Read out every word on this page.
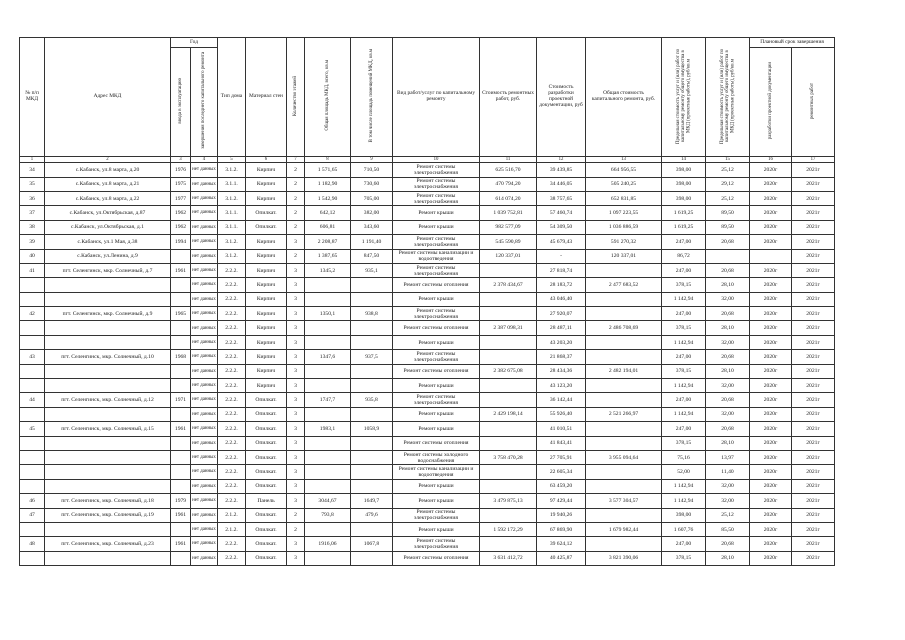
№ п/п МКД	Адрес МКД	Год		Тип дома	Материал стен	Количество этажей	Общая площадь МКД, всего, кв.м	В том числе площадь помещений МКД, кв.м	Вид работ/услуг по капитальному ремонту	Стоимость ремонтных работ, руб.	Стоимость разработки проектной документации, руб	Общая стоимость капитального ремонта, руб.	Предельная стоимость услуг и (или) работ по капитальному ремонту общего имущества в МКД (проектные работы), руб/кв.м	Предельная стоимость услуг и (или) работ по капитальному ремонту общего имущества в МКД (проектные работы), руб/кв.м	Плановый срок завершения	
		ввода в эксплуатацию	завершения последнего капитального ремонта												разработки проектной документации	ремонтных работ
1	2	3	4	5	6	7	8	9	10	11	12	13	14	15	16	17
34	с.Кабанск, ул.8 марта, д.20	1976	нет данных	3.1.2.	Кирпич	2	1 571,65	710,50	Ремонт системы электроснабжения	625 516,70	39 439,85	664 956,55	398,00	25,12	2020г	2021г
35	с.Кабанск, ул.8 марта, д.21	1975	нет данных	3.1.1.	Кирпич	2	1 182,90	730,60	Ремонт системы электроснабжения	470 794,20	34 446,05	505 240,25	398,00	29,12	2020г	2021г
36	с.Кабанск, ул.8 марта, д.22	1977	нет данных	3.1.2.	Кирпич	2	1 542,90	705,00	Ремонт системы электроснабжения	614 074,20	38 757,65	652 831,85	398,00	25,12	2020г	2021г
37	с.Кабанск, ул.Октябрьская, д.87	1962	нет данных	3.1.1.	Опилкат.	2	642,12	382,00	Ремонт крыши	1 039 752,81	57 460,74	1 097 223,55	1 619,25	89,50	2020г	2021г
38	с.Кабанск, ул.Октябрьская, д.1	1962	нет данных	3.1.1.	Опилкат.	2	606,81	343,60	Ремонт крыши	982 577,09	54 309,50	1 036 886,59	1 619,25	89,50	2020г	2021г
39	с.Кабанск, ул.1 Мая, д.38	1994	нет данных	3.1.2.	Кирпич	3	2 208,87	1 191,40	Ремонт системы электроснабжения	545 590,89	45 679,43	591 270,32	247,00	20,68	2020г	2021г
40	с.Кабанск, ул.Ленина, д.9		нет данных	3.1.2.	Кирпич	2	1 387,65	847,50	Ремонт системы канализации и водоотведения	120 337,01	-	120 337,01	86,72			2021г
41	пгт. Селенгинск, мкр. Солнечный, д.7	1961	нет данных	2.2.2.	Кирпич	3	1345,2	935,1	Ремонт системы электроснабжения		27 818,74		247,00	20,68	2020г	2021г
			нет данных	2.2.2.	Кирпич	3			Ремонт системы отопления	2 378 434,67	28 183,72	2 477 683,52	378,15	28,10	2020г	2021г
			нет данных	2.2.2.	Кирпич	3			Ремонт крыши		43 046,40		1 142,94	32,00	2020г	2021г
42	пгт. Селенгинск, мкр. Солнечный, д.9	1965	нет данных	2.2.2.	Кирпич	3	1350,1	938,8	Ремонт системы электроснабжения		27 920,07		247,00	20,68	2020г	2021г
			нет данных	2.2.2.	Кирпич	3			Ремонт системы отопления	2 387 098,31	28 487,11	2 486 708,69	378,15	28,10	2020г	2021г
			нет данных	2.2.2.	Кирпич	3			Ремонт крыши		43 203,20		1 142,94	32,00	2020г	2021г
43	пгт. Селенгинск, мкр. Солнечный, д.10	1968	нет данных	2.2.2.	Кирпич	3	1347,6	937,5	Ремонт системы электроснабжения		21 868,37		247,00	20,68	2020г	2021г
			нет данных	2.2.2.	Кирпич	3			Ремонт системы отопления	2 382 675,08	28 434,36	2 482 194,01	378,15	28,10	2020г	2021г
			нет данных	2.2.2.	Кирпич	3			Ремонт крыши		43 123,20		1 142,94	32,00	2020г	2021г
44	пгт. Селенгинск, мкр. Солнечный, д.12	1971	нет данных	2.2.2.	Опилкат.	3	1747,7	935,8	Ремонт системы электроснабжения		36 142,44		247,00	20,68	2020г	2021г
			нет данных	2.2.2.	Опилкат.	3			Ремонт крыши	2 429 198,14	55 926,40	2 521 266,97	1 142,94	32,00	2020г	2021г
45	пгт. Селенгинск, мкр. Солнечный, д.15	1961	нет данных	2.2.2.	Опилкат.	3	1983,1	1058,9	Ремонт крыши		41 010,51		247,00	20,68	2020г	2021г
			нет данных	2.2.2.	Опилкат.	3			Ремонт системы отопления		41 843,41		378,15	28,10	2020г	2021г
			нет данных	2.2.2.	Опилкат.	3			Ремонт системы холодного водоснабжения	3 758 470,28	27 705,91	3 955 094,64	75,16	13,97	2020г	2021г
			нет данных	2.2.2.	Опилкат.	3			Ремонт системы канализации и водоотведения		22 605,34		52,00	11,40	2020г	2021г
			нет данных	2.2.2.	Опилкат.	3			Ремонт крыши		63 459,20		1 142,94	32,00	2020г	2021г
46	пгт. Селенгинск, мкр. Солнечный, д.18	1979	нет данных	2.2.2.	Панель	3	3044,67	1649,7	Ремонт крыши	3 479 875,13	97 429,44	3 577 304,57	1 142,94	32,00	2020г	2021г
47	пгт. Селенгинск, мкр. Солнечный, д.19	1961	нет данных	2.1.2.	Опилкат.	2	793,8	479,6	Ремонт системы электроснабжения		19 940,26		398,00	25,12	2020г	2021г
			нет данных	2.1.2.	Опилкат.	2			Ремонт крыши	1 592 172,29	67 869,90	1 679 982,44	1 607,76	85,50	2020г	2021г
48	пгт. Селенгинск, мкр. Солнечный, д.23	1961	нет данных	2.2.2.	Опилкат.	3	1916,06	1067,8	Ремонт системы электроснабжения		39 624,12		247,00	20,68	2020г	2021г
			нет данных	2.2.2.	Опилкат.	3			Ремонт системы отопления	3 631 412,72	40 425,87	3 821 390,06	378,15	28,10	2020г	2021г
